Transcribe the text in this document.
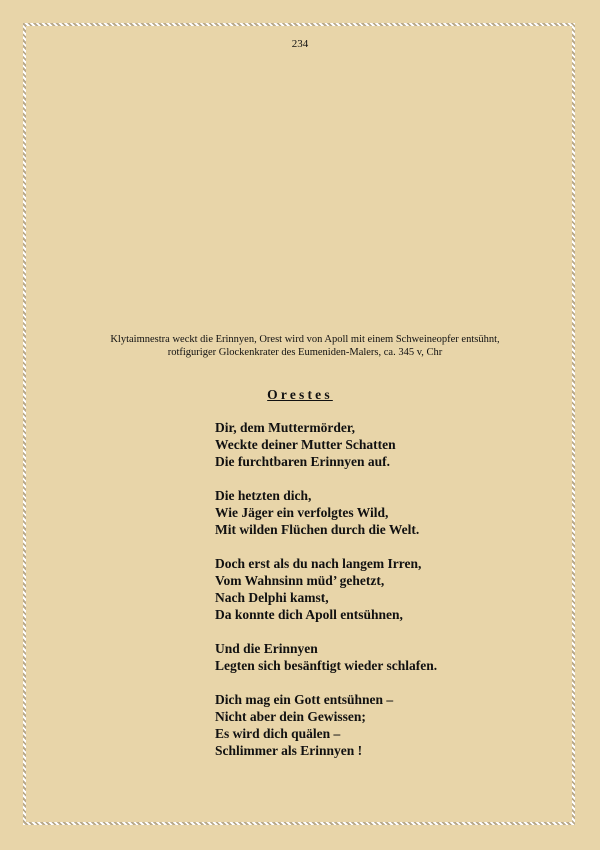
234
Klytaimnestra weckt die Erinnyen, Orest wird von Apoll mit einem Schweineopfer entsühnt,
rotfiguriger Glockenkrater des Eumeniden-Malers, ca. 345 v, Chr
Orestes
Dir, dem Muttermörder,
Weckte deiner Mutter Schatten
Die furchtbaren Erinnyen auf.
Die hetzten dich,
Wie Jäger ein verfolgtes Wild,
Mit wilden Flüchen durch die Welt.
Doch erst als du nach langem Irren,
Vom Wahnsinn müd’ gehetzt,
Nach Delphi kamst,
Da konnte dich Apoll entsühnen,
Und die Erinnyen
Legten sich besänftigt wieder schlafen.
Dich mag ein Gott entsühnen –
Nicht aber dein Gewissen;
Es wird dich quälen –
Schlimmer als Erinnyen !
